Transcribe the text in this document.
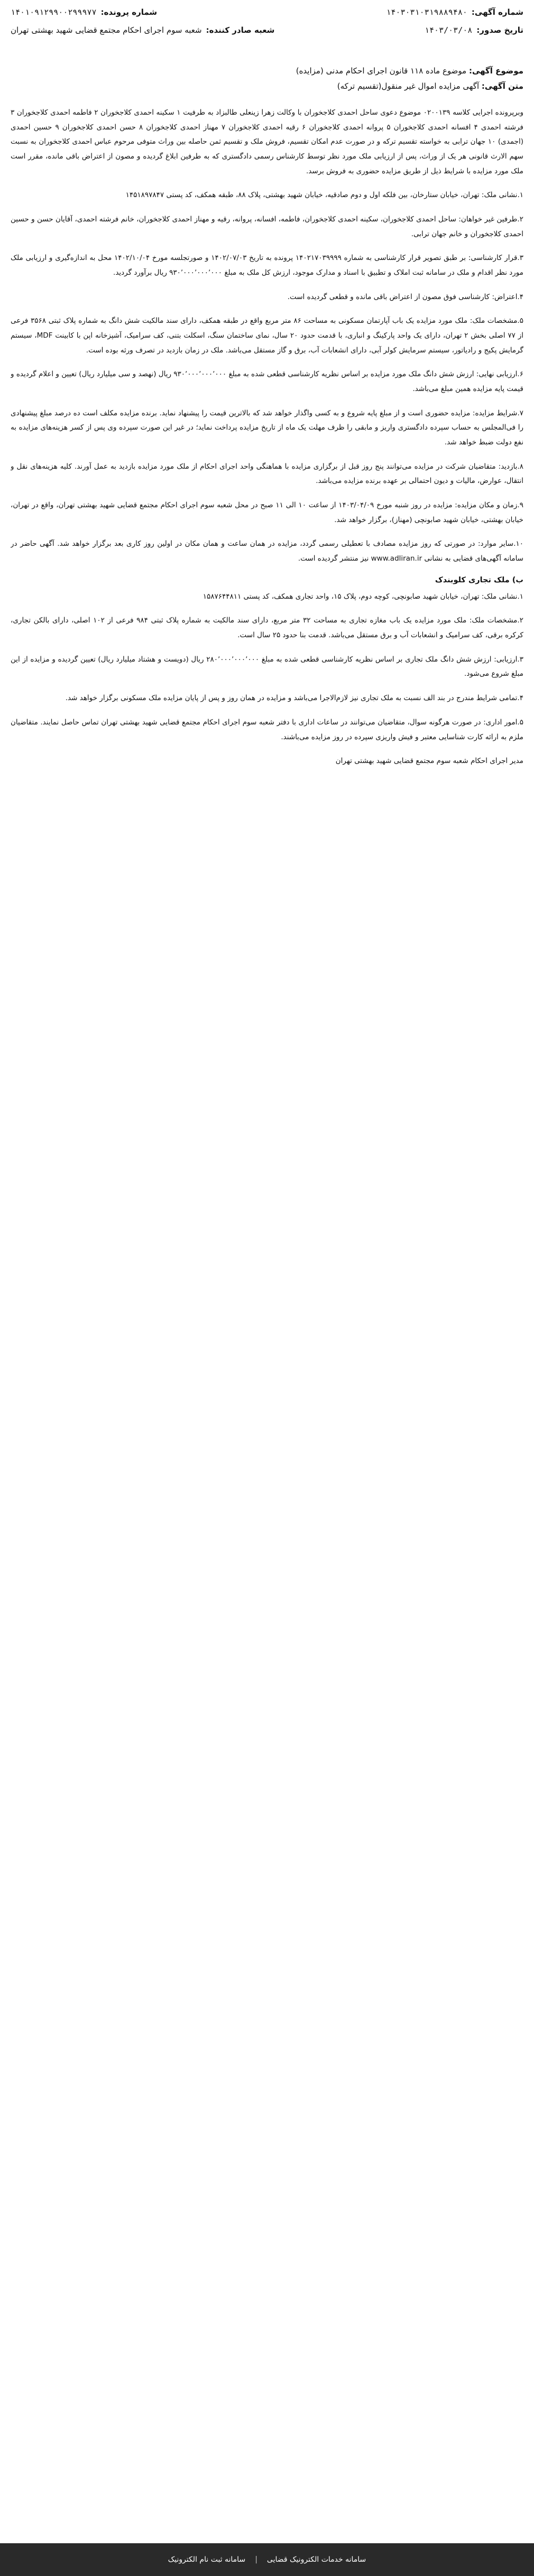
شماره آگهی:
۱۴۰۳۰۳۱۰۳۱۹۸۸۹۴۸۰
شماره پرونده:
۱۴۰۱۰۹۱۲۹۹۰۰۲۹۹۹۷۷
تاریخ صدور:
۱۴۰۳/۰۳/۰۸
شعبه صادر کننده:
شعبه سوم اجرای احکام مجتمع قضایی شهید بهشتی تهران
موضوع آگهی: موضوع ماده ۱۱۸ قانون اجرای احکام مدنی (مزایده)
متن آگهی: آگهی مزایده اموال غیر منقول(تقسیم ترکه)

وبرپرونده اجرایی کلاسه ۰۲۰۰۱۳۹ موضوع دعوی ساحل احمدی کلاجخوران با وکالت زهرا زینعلی طالبزاد به طرفیت ۱ سکینه احمدی کلاجخوران ۲ فاطمه احمدی کلاجخوران ۳ فرشته احمدی ۴ افسانه احمدی کلاجخوران ۵ پروانه احمدی کلاجخوران ۶ رقیه احمدی کلاجخوران ۷ مهناز احمدی کلاجخوران ۸ حسن احمدی کلاجخوران ۹ حسین احمدی (اجمدی) ۱۰ جهان ترابی به خواسته تقسیم ترکه و در صورت عدم امکان تقسیم، فروش ملک و تقسیم ثمن حاصله بین وراث متوفی مرحوم عباس احمدی کلاجخوران به نسبت سهم الارث قانونی هر یک از وراث، پس از ارزیابی ملک مورد نظر توسط کارشناس رسمی دادگستری که به طرفین ابلاغ گردیده و مصون از اعتراض باقی مانده، مقرر است ملک مورد مزایده با شرایط ذیل از طریق مزایده حضوری به فروش برسد.

۱.نشانی ملک: تهران، خیابان ستارخان، بین فلکه اول و دوم صادقیه، خیابان شهید بهشتی، پلاک ۸۸، طبقه همکف، کد پستی ۱۴۵۱۸۹۷۸۴۷

۲.طرفین غیر خواهان: ساحل احمدی کلاجخوران، سکینه احمدی کلاجخوران، فاطمه، افسانه، پروانه، رقیه و مهناز احمدی کلاجخوران، خانم فرشته احمدی، آقایان حسن و حسین احمدی کلاجخوران و خانم جهان ترابی.

۳.قرار کارشناسی: بر طبق تصویر قرار کارشناسی به شماره ۱۴۰۲۱۷۰۳۹۹۹۹ پرونده به تاریخ ۱۴۰۲/۰۷/۰۳ و صورتجلسه مورخ ۱۴۰۲/۱۰/۰۴ محل به اندازه‌گیری و ارزیابی ملک مورد نظر اقدام و ملک در سامانه ثبت املاک و تطبیق با اسناد و مدارک موجود، ارزش کل ملک به مبلغ ۹۳۰٬۰۰۰٬۰۰۰٬۰۰۰ ریال برآورد گردید.

۴.اعتراض: کارشناسی فوق مصون از اعتراض باقی مانده و قطعی گردیده است.

۵.مشخصات ملک: ملک مورد مزایده یک باب آپارتمان مسکونی به مساحت ۸۶ متر مربع واقع در طبقه همکف، دارای سند مالکیت شش دانگ به شماره پلاک ثبتی ۳۵۶۸ فرعی از ۷۷ اصلی بخش ۲ تهران، دارای یک واحد پارکینگ و انباری، با قدمت حدود ۲۰ سال، نمای ساختمان سنگ، اسکلت بتنی، کف سرامیک، آشپزخانه اپن با کابینت MDF، سیستم گرمایش پکیج و رادیاتور، سیستم سرمایش کولر آبی، دارای انشعابات آب، برق و گاز مستقل می‌باشد. ملک در زمان بازدید در تصرف ورثه بوده است.

۶.ارزیابی نهایی: ارزش شش دانگ ملک مورد مزایده بر اساس نظریه کارشناسی قطعی شده به مبلغ ۹۳۰٬۰۰۰٬۰۰۰٬۰۰۰ ریال (نهصد و سی میلیارد ریال) تعیین و اعلام گردیده و قیمت پایه مزایده همین مبلغ می‌باشد.

۷.شرایط مزایده: مزایده حضوری است و از مبلغ پایه شروع و به کسی واگذار خواهد شد که بالاترین قیمت را پیشنهاد نماید. برنده مزایده مکلف است ده درصد مبلغ پیشنهادی را فی‌المجلس به حساب سپرده دادگستری واریز و مابقی را ظرف مهلت یک ماه از تاریخ مزایده پرداخت نماید؛ در غیر این صورت سپرده وی پس از کسر هزینه‌های مزایده به نفع دولت ضبط خواهد شد.

۸.بازدید: متقاضیان شرکت در مزایده می‌توانند پنج روز قبل از برگزاری مزایده با هماهنگی واحد اجرای احکام از ملک مورد مزایده بازدید به عمل آورند. کلیه هزینه‌های نقل و انتقال، عوارض، مالیات و دیون احتمالی بر عهده برنده مزایده می‌باشد.

۹.زمان و مکان مزایده: مزایده در روز شنبه مورخ ۱۴۰۳/۰۴/۰۹ از ساعت ۱۰ الی ۱۱ صبح در محل شعبه سوم اجرای احکام مجتمع قضایی شهید بهشتی تهران، واقع در تهران، خیابان بهشتی، خیابان شهید صابونچی (مهناز)، برگزار خواهد شد.

۱۰.سایر موارد: در صورتی که روز مزایده مصادف با تعطیلی رسمی گردد، مزایده در همان ساعت و همان مکان در اولین روز کاری بعد برگزار خواهد شد. آگهی حاضر در سامانه آگهی‌های قضایی به نشانی www.adliran.ir نیز منتشر گردیده است.

ب) ملک تجاری کلوبندک

۱.نشانی ملک: تهران، خیابان شهید صابونچی، کوچه دوم، پلاک ۱۵، واحد تجاری همکف، کد پستی ۱۵۸۷۶۴۴۸۱۱

۲.مشخصات ملک: ملک مورد مزایده یک باب مغازه تجاری به مساحت ۳۲ متر مربع، دارای سند مالکیت به شماره پلاک ثبتی ۹۸۴ فرعی از ۱۰۲ اصلی، دارای بالکن تجاری، کرکره برقی، کف سرامیک و انشعابات آب و برق مستقل می‌باشد. قدمت بنا حدود ۲۵ سال است.

۳.ارزیابی: ارزش شش دانگ ملک تجاری بر اساس نظریه کارشناسی قطعی شده به مبلغ ۲۸۰٬۰۰۰٬۰۰۰٬۰۰۰ ریال (دویست و هشتاد میلیارد ریال) تعیین گردیده و مزایده از این مبلغ شروع می‌شود.

۴.تمامی شرایط مندرج در بند الف نسبت به ملک تجاری نیز لازم‌الاجرا می‌باشد و مزایده در همان روز و پس از پایان مزایده ملک مسکونی برگزار خواهد شد.

۵.امور اداری: در صورت هرگونه سوال، متقاضیان می‌توانند در ساعات اداری با دفتر شعبه سوم اجرای احکام مجتمع قضایی شهید بهشتی تهران تماس حاصل نمایند. متقاضیان ملزم به ارائه کارت شناسایی معتبر و فیش واریزی سپرده در روز مزایده می‌باشند.

مدیر اجرای احکام شعبه سوم مجتمع قضایی شهید بهشتی تهران

سامانه خدمات الکترونیک قضایی
|
سامانه ثبت نام الکترونیک
